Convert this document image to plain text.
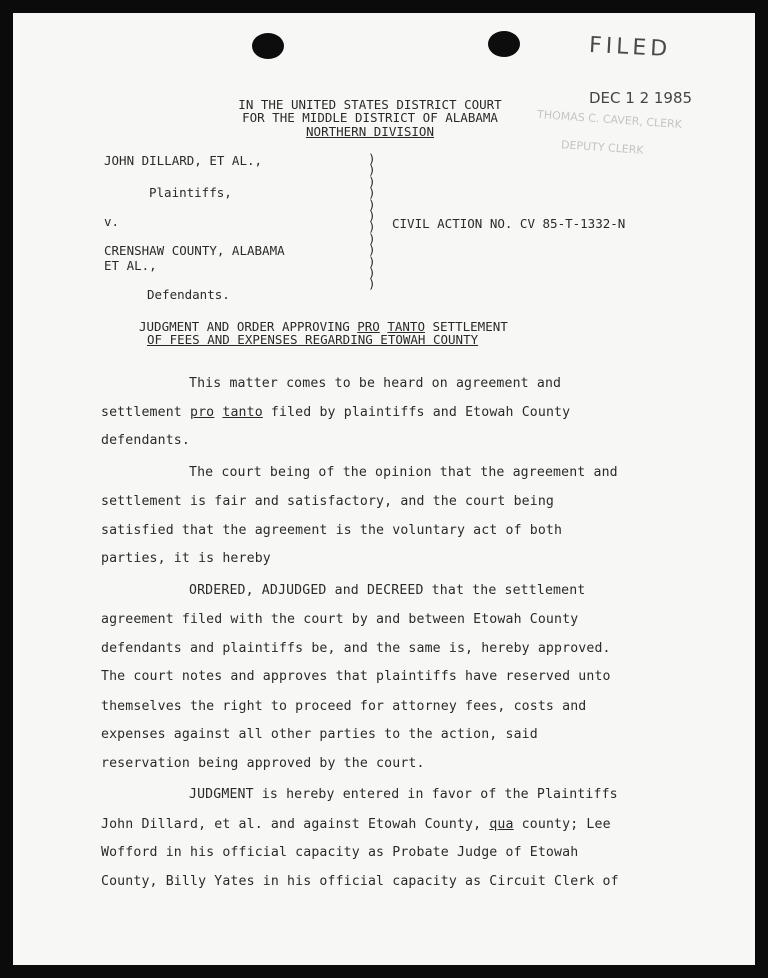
FILED
DEC 1 2 1985
THOMAS C. CAVER, CLERK
DEPUTY CLERK
IN THE UNITED STATES DISTRICT COURT
FOR THE MIDDLE DISTRICT OF ALABAMA
NORTHERN DIVISION
JOHN DILLARD, ET AL.,
Plaintiffs,
v.
CRENSHAW COUNTY, ALABAMA
ET AL.,
Defendants.
)
)
)
)
)
)
)
)
)
)
)
)
CIVIL ACTION NO. CV 85-T-1332-N
JUDGMENT AND ORDER APPROVING PRO TANTO SETTLEMENT
OF FEES AND EXPENSES REGARDING ETOWAH COUNTY
This matter comes to be heard on agreement and
settlement pro tanto filed by plaintiffs and Etowah County
defendants.
The court being of the opinion that the agreement and
settlement is fair and satisfactory, and the court being
satisfied that the agreement is the voluntary act of both
parties, it is hereby
ORDERED, ADJUDGED and DECREED that the settlement
agreement filed with the court by and between Etowah County
defendants and plaintiffs be, and the same is, hereby approved.
The court notes and approves that plaintiffs have reserved unto
themselves the right to proceed for attorney fees, costs and
expenses against all other parties to the action, said
reservation being approved by the court.
JUDGMENT is hereby entered in favor of the Plaintiffs
John Dillard, et al. and against Etowah County, qua county; Lee
Wofford in his official capacity as Probate Judge of Etowah
County, Billy Yates in his official capacity as Circuit Clerk of
